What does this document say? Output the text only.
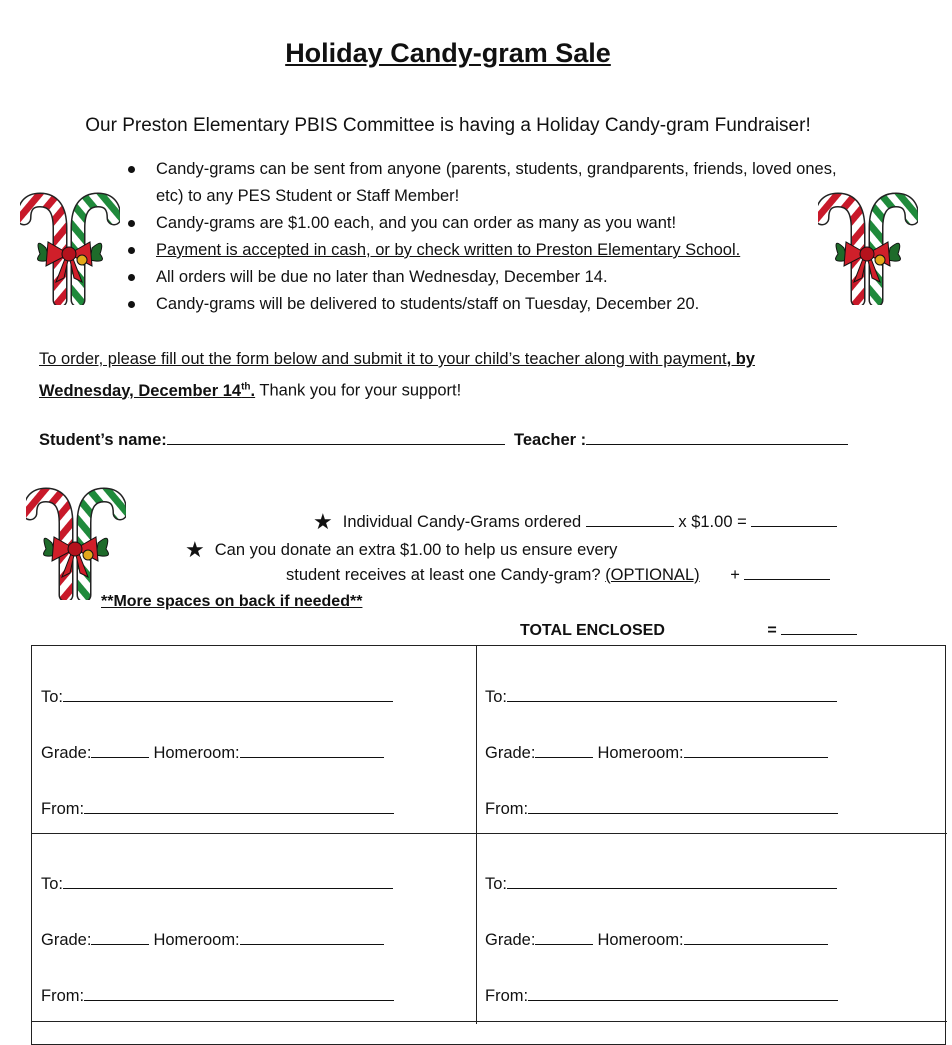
Holiday Candy-gram Sale
Our Preston Elementary PBIS Committee is having a Holiday Candy-gram Fundraiser!
Candy-grams can be sent from anyone (parents, students, grandparents, friends, loved ones, etc) to any PES Student or Staff Member!
Candy-grams are $1.00 each, and you can order as many as you want!
Payment is accepted in cash, or by check written to Preston Elementary School.
All orders will be due no later than Wednesday, December 14.
Candy-grams will be delivered to students/staff on Tuesday, December 20.
To order, please fill out the form below and submit it to your child’s teacher along with payment, by
Wednesday, December 14th. Thank you for your support!
Student’s name:	Teacher :
★ Individual Candy-Grams ordered	x $1.00 =
★ Can you donate an extra $1.00 to help us ensure every
student receives at least one Candy-gram? (OPTIONAL) +
**More spaces on back if needed**
TOTAL ENCLOSED	=
To:
Grade:	Homeroom:
From:
To:
Grade:	Homeroom:
From:
To:
Grade:	Homeroom:
From:
To:
Grade:	Homeroom:
From:
